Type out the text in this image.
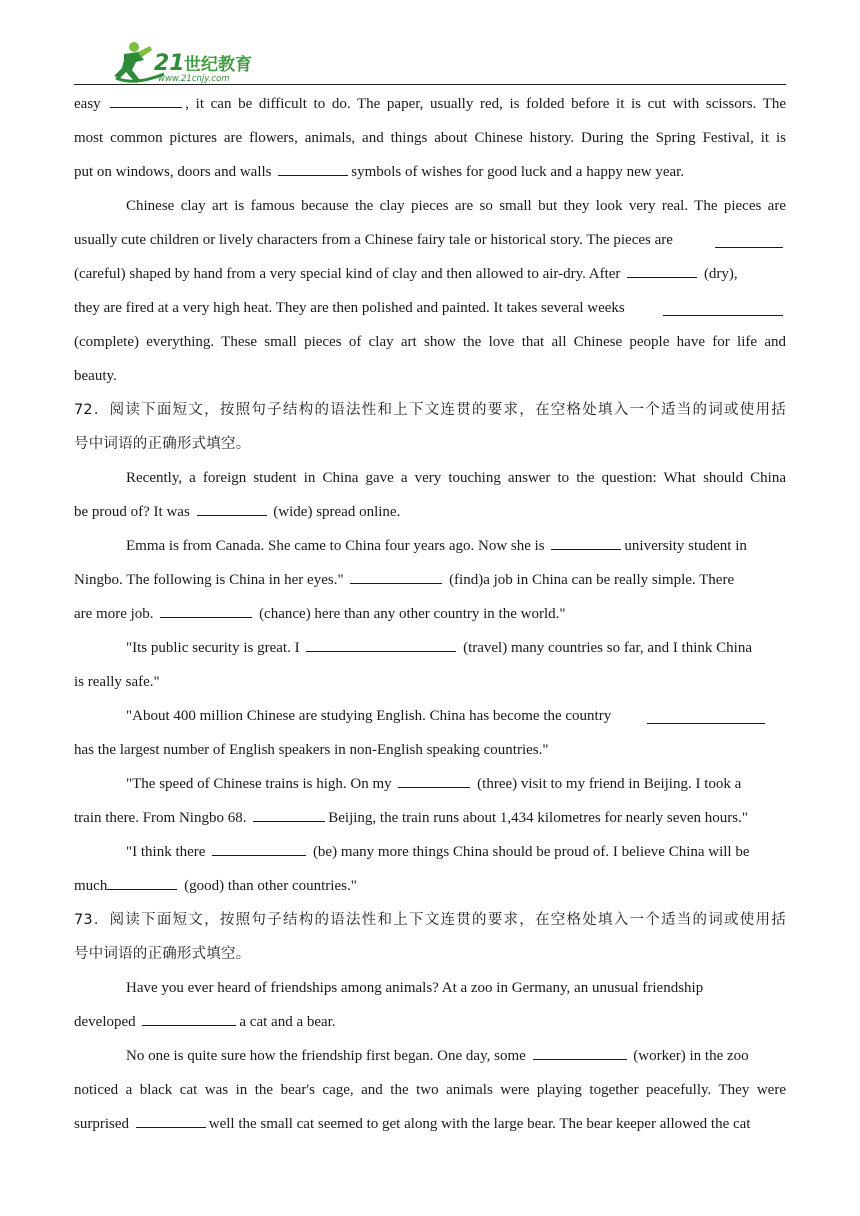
21 世纪教育
www.21cnjy.com
easy	, it can be difficult to do. The paper, usually red, is folded before it is cut with scissors. The
most common pictures are flowers, animals, and things about Chinese history. During the Spring Festival, it is
put on windows, doors and walls	symbols of wishes for good luck and a happy new year.
Chinese clay art is famous because the clay pieces are so small but they look very real. The pieces are
usually cute children or lively characters from a Chinese fairy tale or historical story. The pieces are
(careful) shaped by hand from a very special kind of clay and then allowed to air-dry. After	(dry),
they are fired at a very high heat. They are then polished and painted. It takes several weeks
(complete) everything. These small pieces of clay art show the love that all Chinese people have for life and
beauty.
72．阅读下面短文，按照句子结构的语法性和上下文连贯的要求，在空格处填入一个适当的词或使用括
号中词语的正确形式填空。
Recently, a foreign student in China gave a very touching answer to the question: What should China
be proud of? It was	(wide) spread online.
Emma is from Canada. She came to China four years ago. Now she is	university student in
Ningbo. The following is China in her eyes."	(find)a job in China can be really simple. There
are more job.	(chance) here than any other country in the world."
"Its public security is great. I	(travel) many countries so far, and I think China
is really safe."
"About 400 million Chinese are studying English. China has become the country
has the largest number of English speakers in non-English speaking countries."
"The speed of Chinese trains is high. On my	(three) visit to my friend in Beijing. I took a
train there. From Ningbo 68.	Beijing, the train runs about 1,434 kilometres for nearly seven hours."
"I think there	(be) many more things China should be proud of. I believe China will be
much	(good) than other countries."
73．阅读下面短文，按照句子结构的语法性和上下文连贯的要求，在空格处填入一个适当的词或使用括
号中词语的正确形式填空。
Have you ever heard of friendships among animals? At a zoo in Germany, an unusual friendship
developed	a cat and a bear.
No one is quite sure how the friendship first began. One day, some	(worker) in the zoo
noticed a black cat was in the bear's cage, and the two animals were playing together peacefully. They were
surprised	well the small cat seemed to get along with the large bear. The bear keeper allowed the cat
